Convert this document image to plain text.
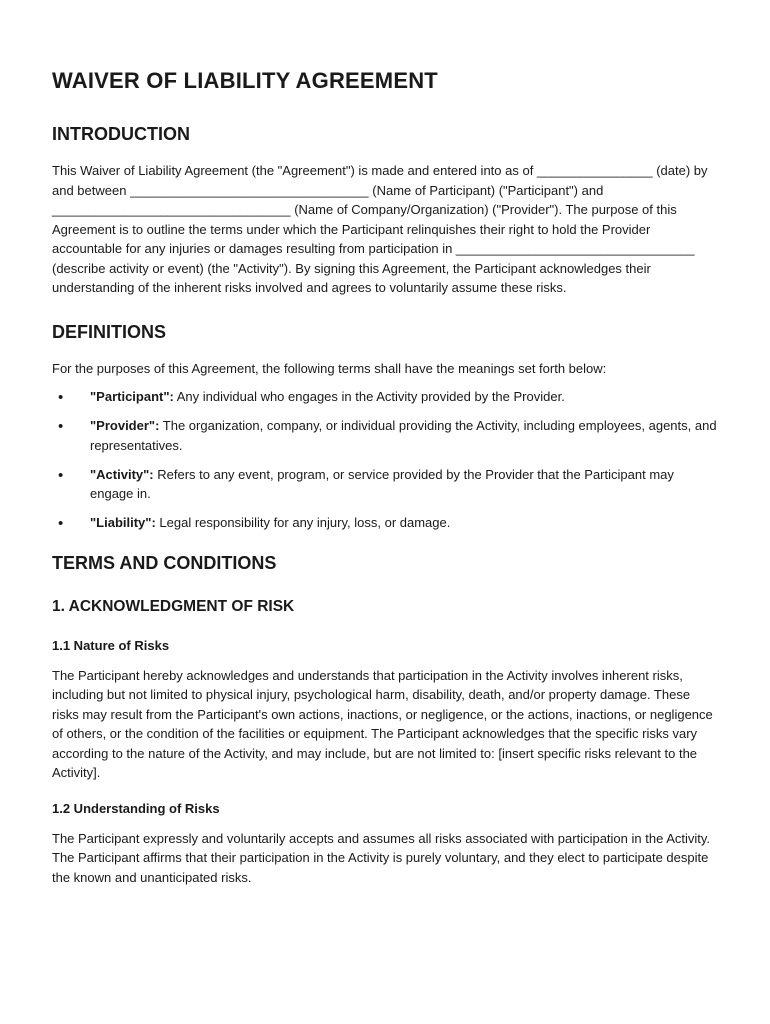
WAIVER OF LIABILITY AGREEMENT
INTRODUCTION

This Waiver of Liability Agreement (the "Agreement") is made and entered into as of ________________ (date) by and between _________________________________ (Name of Participant) ("Participant") and _________________________________ (Name of Company/Organization) ("Provider"). The purpose of this Agreement is to outline the terms under which the Participant relinquishes their right to hold the Provider accountable for any injuries or damages resulting from participation in _________________________________ (describe activity or event) (the "Activity"). By signing this Agreement, the Participant acknowledges their understanding of the inherent risks involved and agrees to voluntarily assume these risks.

DEFINITIONS

For the purposes of this Agreement, the following terms shall have the meanings set forth below:

• "Participant": Any individual who engages in the Activity provided by the Provider.
• "Provider": The organization, company, or individual providing the Activity, including employees, agents, and representatives.
• "Activity": Refers to any event, program, or service provided by the Provider that the Participant may engage in.
• "Liability": Legal responsibility for any injury, loss, or damage.
TERMS AND CONDITIONS
1. ACKNOWLEDGMENT OF RISK
1.1 Nature of Risks

The Participant hereby acknowledges and understands that participation in the Activity involves inherent risks, including but not limited to physical injury, psychological harm, disability, death, and/or property damage. These risks may result from the Participant's own actions, inactions, or negligence, or the actions, inactions, or negligence of others, or the condition of the facilities or equipment. The Participant acknowledges that the specific risks vary according to the nature of the Activity, and may include, but are not limited to: [insert specific risks relevant to the Activity].

1.2 Understanding of Risks

The Participant expressly and voluntarily accepts and assumes all risks associated with participation in the Activity. The Participant affirms that their participation in the Activity is purely voluntary, and they elect to participate despite the known and unanticipated risks.
